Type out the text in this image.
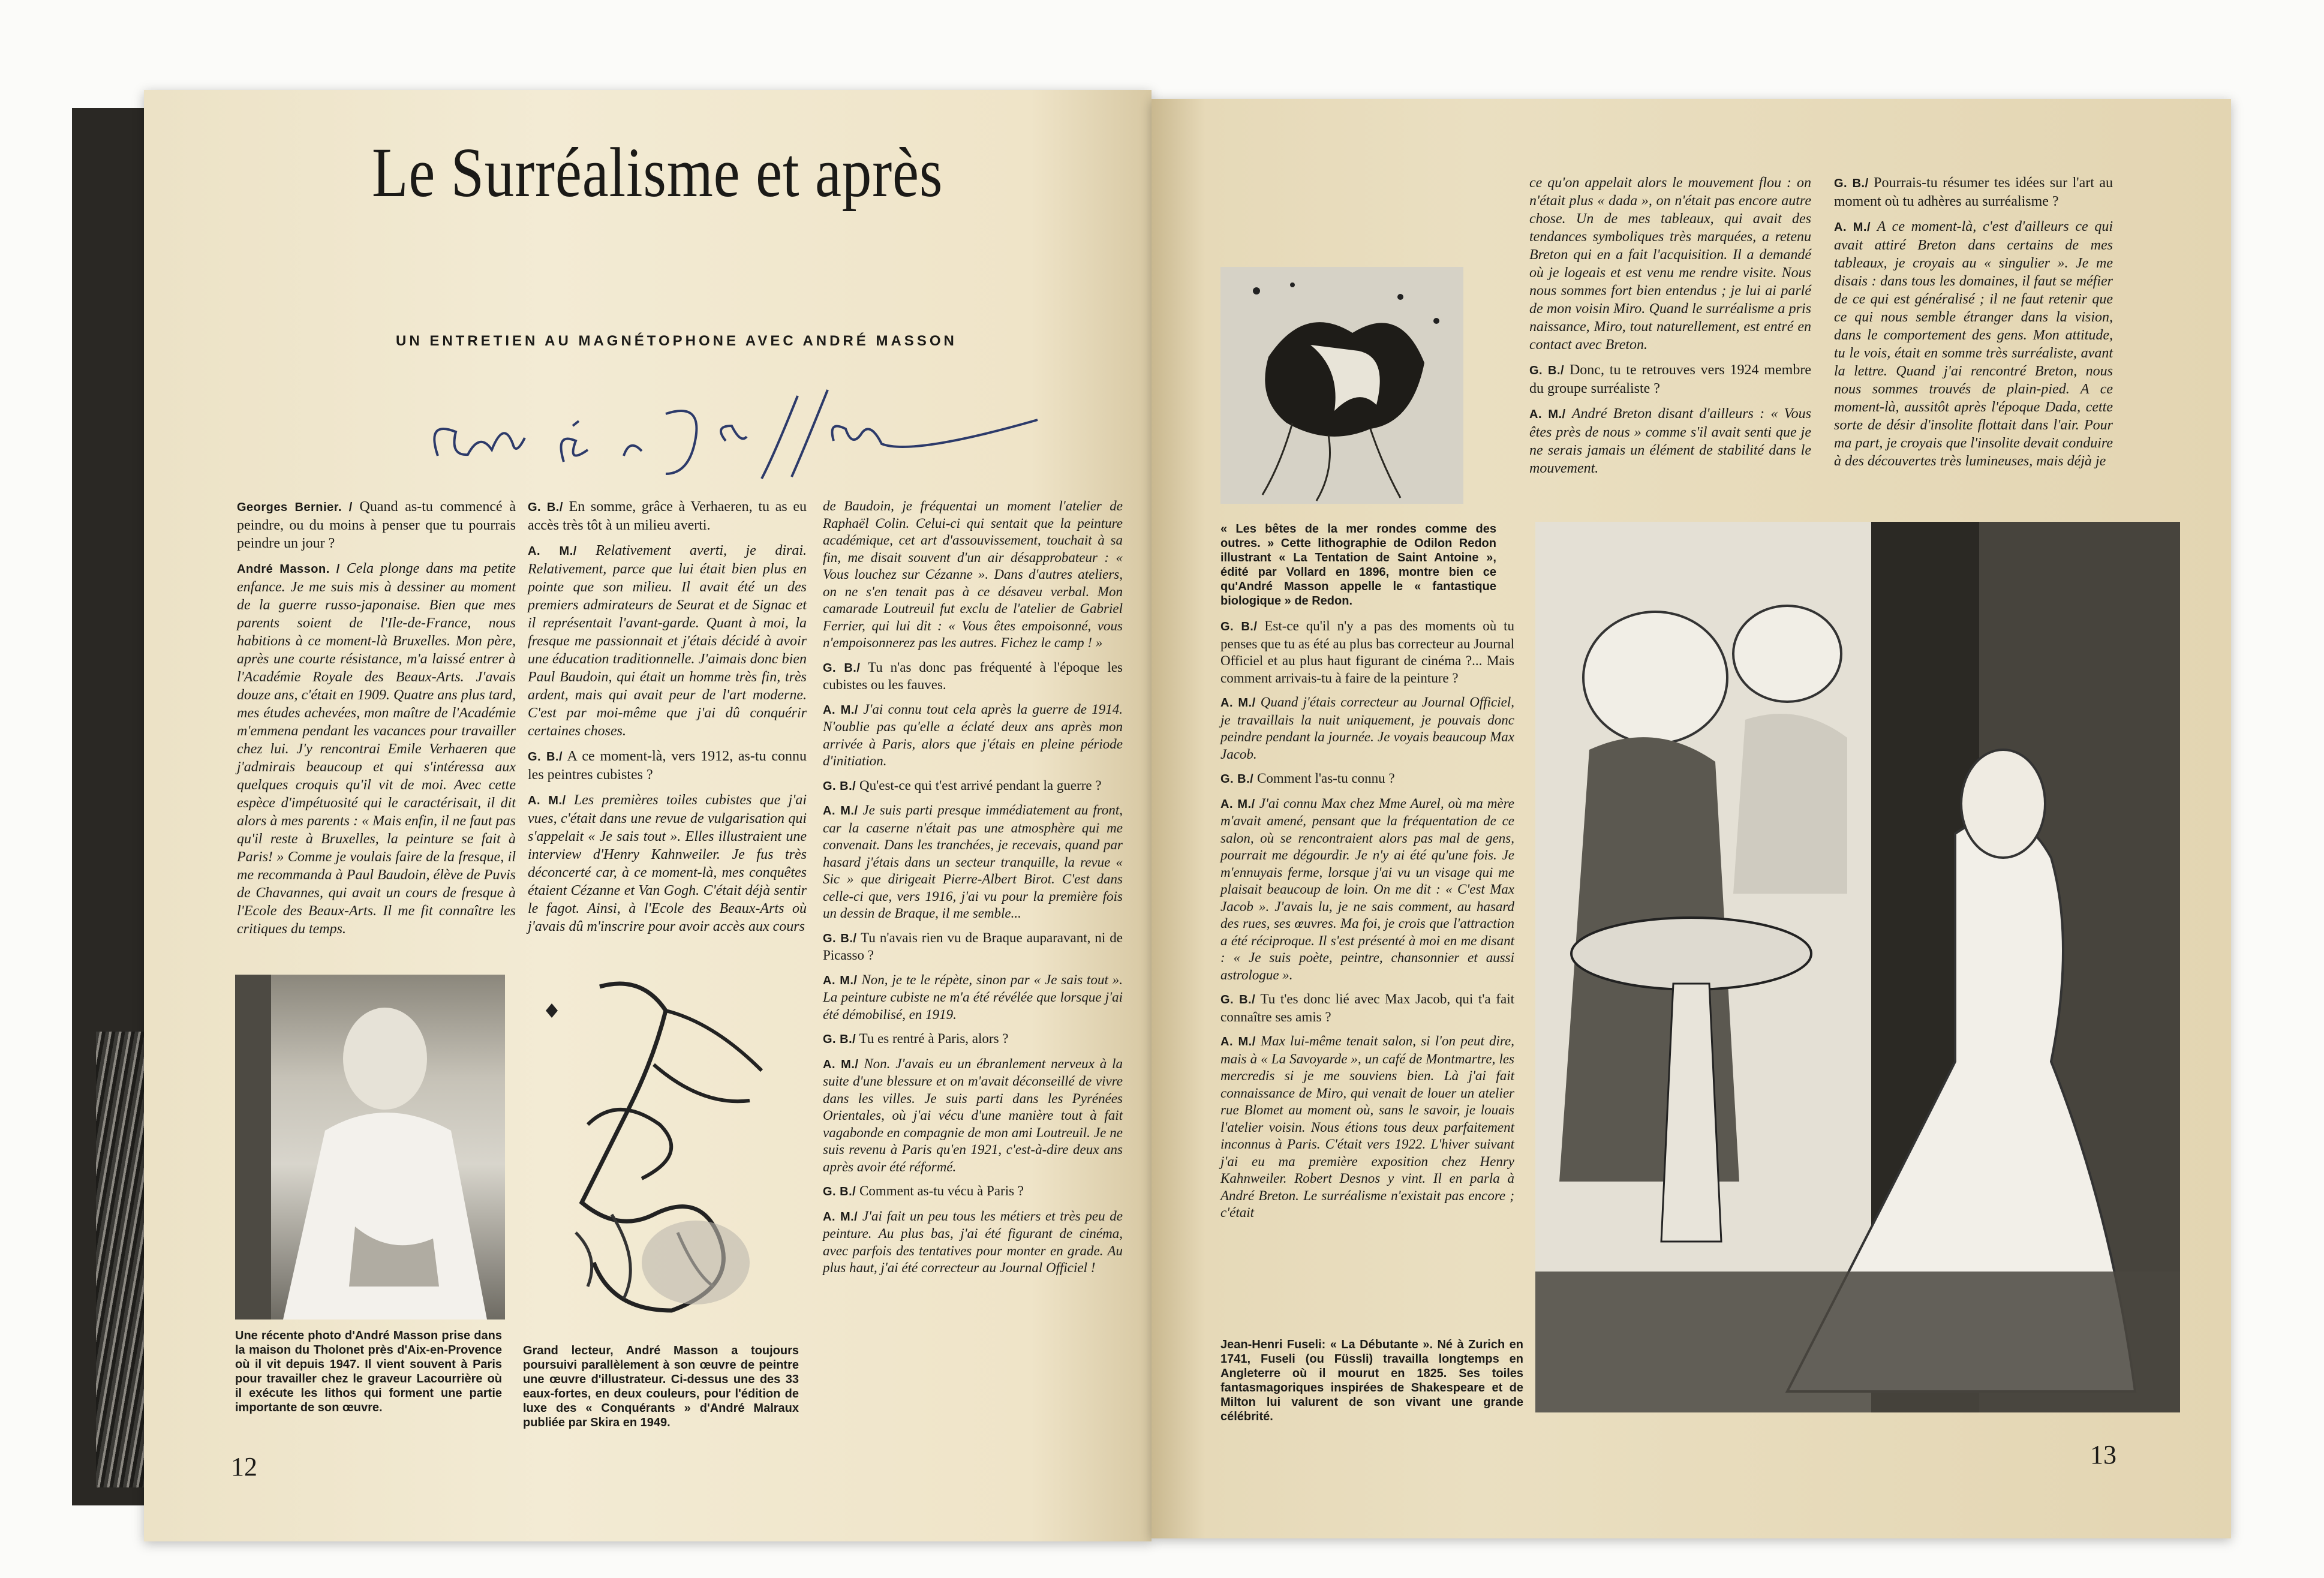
Le Surréalisme et après
UN ENTRETIEN AU MAGNÉTOPHONE AVEC ANDRÉ MASSON

Georges Bernier. / Quand as-tu commencé à peindre, ou du moins à penser que tu pourrais peindre un jour ?

André Masson. / Cela plonge dans ma petite enfance. Je me suis mis à dessiner au moment de la guerre russo-japonaise. Bien que mes parents soient de l'Ile-de-France, nous habitions à ce moment-là Bruxelles. Mon père, après une courte résistance, m'a laissé entrer à l'Académie Royale des Beaux-Arts. J'avais douze ans, c'était en 1909. Quatre ans plus tard, mes études achevées, mon maître de l'Académie m'emmena pendant les vacances pour travailler chez lui. J'y rencontrai Emile Verhaeren que j'admirais beaucoup et qui s'intéressa aux quelques croquis qu'il vit de moi. Avec cette espèce d'impétuosité qui le caractérisait, il dit alors à mes parents : « Mais enfin, il ne faut pas qu'il reste à Bruxelles, la peinture se fait à Paris! » Comme je voulais faire de la fresque, il me recommanda à Paul Baudoin, élève de Puvis de Chavannes, qui avait un cours de fresque à l'Ecole des Beaux-Arts. Il me fit connaître les critiques du temps.

G. B./ En somme, grâce à Verhaeren, tu as eu accès très tôt à un milieu averti.

A. M./ Relativement averti, je dirai. Relativement, parce que lui était bien plus en pointe que son milieu. Il avait été un des premiers admirateurs de Seurat et de Signac et il représentait l'avant-garde. Quant à moi, la fresque me passionnait et j'étais décidé à avoir une éducation traditionnelle. J'aimais donc bien Paul Baudoin, qui était un homme très fin, très ardent, mais qui avait peur de l'art moderne. C'est par moi-même que j'ai dû conquérir certaines choses.

G. B./ A ce moment-là, vers 1912, as-tu connu les peintres cubistes ?

A. M./ Les premières toiles cubistes que j'ai vues, c'était dans une revue de vulgarisation qui s'appelait « Je sais tout ». Elles illustraient une interview d'Henry Kahnweiler. Je fus très déconcerté car, à ce moment-là, mes conquêtes étaient Cézanne et Van Gogh. C'était déjà sentir le fagot. Ainsi, à l'Ecole des Beaux-Arts où j'avais dû m'inscrire pour avoir accès aux cours

de Baudoin, je fréquentai un moment l'atelier de Raphaël Colin. Celui-ci qui sentait que la peinture académique, cet art d'assouvissement, touchait à sa fin, me disait souvent d'un air désapprobateur : « Vous louchez sur Cézanne ». Dans d'autres ateliers, on ne s'en tenait pas à ce désaveu verbal. Mon camarade Loutreuil fut exclu de l'atelier de Gabriel Ferrier, qui lui dit : « Vous êtes empoisonné, vous n'empoisonnerez pas les autres. Fichez le camp ! »

G. B./ Tu n'as donc pas fréquenté à l'époque les cubistes ou les fauves.

A. M./ J'ai connu tout cela après la guerre de 1914. N'oublie pas qu'elle a éclaté deux ans après mon arrivée à Paris, alors que j'étais en pleine période d'initiation.

G. B./ Qu'est-ce qui t'est arrivé pendant la guerre ?

A. M./ Je suis parti presque immédiatement au front, car la caserne n'était pas une atmosphère qui me convenait. Dans les tranchées, je recevais, quand par hasard j'étais dans un secteur tranquille, la revue « Sic » que dirigeait Pierre-Albert Birot. C'est dans celle-ci que, vers 1916, j'ai vu pour la première fois un dessin de Braque, il me semble...

G. B./ Tu n'avais rien vu de Braque auparavant, ni de Picasso ?

A. M./ Non, je te le répète, sinon par « Je sais tout ». La peinture cubiste ne m'a été révélée que lorsque j'ai été démobilisé, en 1919.

G. B./ Tu es rentré à Paris, alors ?

A. M./ Non. J'avais eu un ébranlement nerveux à la suite d'une blessure et on m'avait déconseillé de vivre dans les villes. Je suis parti dans les Pyrénées Orientales, où j'ai vécu d'une manière tout à fait vagabonde en compagnie de mon ami Loutreuil. Je ne suis revenu à Paris qu'en 1921, c'est-à-dire deux ans après avoir été réformé.

G. B./ Comment as-tu vécu à Paris ?

A. M./ J'ai fait un peu tous les métiers et très peu de peinture. Au plus bas, j'ai été figurant de cinéma, avec parfois des tentatives pour monter en grade. Au plus haut, j'ai été correcteur au Journal Officiel !

Une récente photo d'André Masson prise dans la maison du Tholonet près d'Aix-en-Provence où il vit depuis 1947. Il vient souvent à Paris pour travailler chez le graveur Lacourrière où il exécute les lithos qui forment une partie importante de son œuvre.
Grand lecteur, André Masson a toujours poursuivi parallèlement à son œuvre de peintre une œuvre d'illustrateur. Ci-dessus une des 33 eaux-fortes, en deux couleurs, pour l'édition de luxe des « Conquérants » d'André Malraux publiée par Skira en 1949.
12

ce qu'on appelait alors le mouvement flou : on n'était plus « dada », on n'était pas encore autre chose. Un de mes tableaux, qui avait des tendances symboliques très marquées, a retenu Breton qui en a fait l'acquisition. Il a demandé où je logeais et est venu me rendre visite. Nous nous sommes fort bien entendus ; je lui ai parlé de mon voisin Miro. Quand le surréalisme a pris naissance, Miro, tout naturellement, est entré en contact avec Breton.

G. B./ Donc, tu te retrouves vers 1924 membre du groupe surréaliste ?

A. M./ André Breton disant d'ailleurs : « Vous êtes près de nous » comme s'il avait senti que je ne serais jamais un élément de stabilité dans le mouvement.

G. B./ Pourrais-tu résumer tes idées sur l'art au moment où tu adhères au surréalisme ?

A. M./ A ce moment-là, c'est d'ailleurs ce qui avait attiré Breton dans certains de mes tableaux, je croyais au « singulier ». Je me disais : dans tous les domaines, il faut se méfier de ce qui est généralisé ; il ne faut retenir que ce qui nous semble étranger dans la vision, dans le comportement des gens. Mon attitude, tu le vois, était en somme très surréaliste, avant la lettre. Quand j'ai rencontré Breton, nous nous sommes trouvés de plain-pied. A ce moment-là, aussitôt après l'époque Dada, cette sorte de désir d'insolite flottait dans l'air. Pour ma part, je croyais que l'insolite devait conduire à des découvertes très lumineuses, mais déjà je

« Les bêtes de la mer rondes comme des outres. » Cette lithographie de Odilon Redon illustrant « La Tentation de Saint Antoine », édité par Vollard en 1896, montre bien ce qu'André Masson appelle le « fantastique biologique » de Redon.

G. B./ Est-ce qu'il n'y a pas des moments où tu penses que tu as été au plus bas correcteur au Journal Officiel et au plus haut figurant de cinéma ?... Mais comment arrivais-tu à faire de la peinture ?

A. M./ Quand j'étais correcteur au Journal Officiel, je travaillais la nuit uniquement, je pouvais donc peindre pendant la journée. Je voyais beaucoup Max Jacob.

G. B./ Comment l'as-tu connu ?

A. M./ J'ai connu Max chez Mme Aurel, où ma mère m'avait amené, pensant que la fréquentation de ce salon, où se rencontraient alors pas mal de gens, pourrait me dégourdir. Je n'y ai été qu'une fois. Je m'ennuyais ferme, lorsque j'ai vu un visage qui me plaisait beaucoup de loin. On me dit : « C'est Max Jacob ». J'avais lu, je ne sais comment, au hasard des rues, ses œuvres. Ma foi, je crois que l'attraction a été réciproque. Il s'est présenté à moi en me disant : « Je suis poète, peintre, chansonnier et aussi astrologue ».

G. B./ Tu t'es donc lié avec Max Jacob, qui t'a fait connaître ses amis ?

A. M./ Max lui-même tenait salon, si l'on peut dire, mais à « La Savoyarde », un café de Montmartre, les mercredis si je me souviens bien. Là j'ai fait connaissance de Miro, qui venait de louer un atelier rue Blomet au moment où, sans le savoir, je louais l'atelier voisin. Nous étions tous deux parfaitement inconnus à Paris. C'était vers 1922. L'hiver suivant j'ai eu ma première exposition chez Henry Kahnweiler. Robert Desnos y vint. Il en parla à André Breton. Le surréalisme n'existait pas encore ; c'était

Jean-Henri Fuseli: « La Débutante ». Né à Zurich en 1741, Fuseli (ou Füssli) travailla longtemps en Angleterre où il mourut en 1825. Ses toiles fantasmagoriques inspirées de Shakespeare et de Milton lui valurent de son vivant une grande célébrité.
13
